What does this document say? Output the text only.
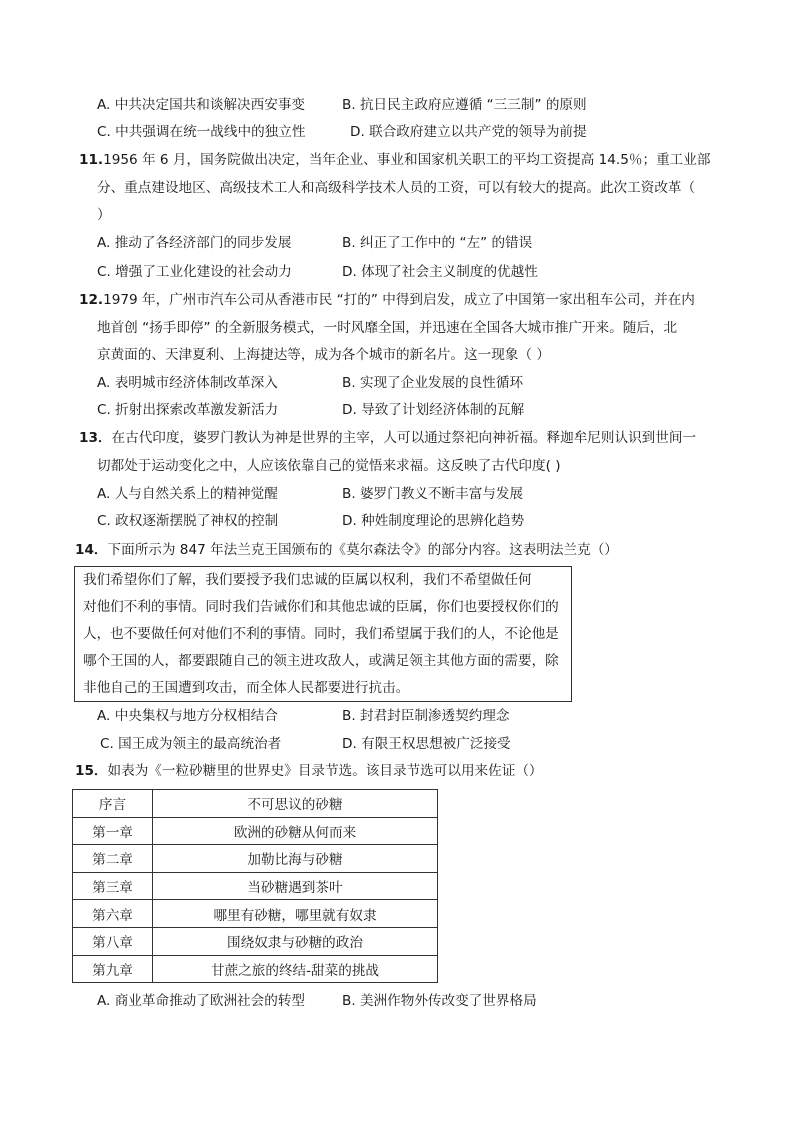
A. 中共决定国共和谈解决西安事变	B. 抗日民主政府应遵循 “三三制” 的原则
C. 中共强调在统一战线中的独立性	D. 联合政府建立以共产党的领导为前提
11.1956 年 6 月，国务院做出决定，当年企业、事业和国家机关职工的平均工资提高 14.5％；重工业部
分、重点建设地区、高级技术工人和高级科学技术人员的工资，可以有较大的提高。此次工资改革（
）
A. 推动了各经济部门的同步发展	B. 纠正了工作中的 “左” 的错误
C. 增强了工业化建设的社会动力	D. 体现了社会主义制度的优越性
12.1979 年，广州市汽车公司从香港市民 “打的” 中得到启发，成立了中国第一家出租车公司，并在内
地首创 “扬手即停” 的全新服务模式，一时风靡全国，并迅速在全国各大城市推广开来。随后，北
京黄面的、天津夏利、上海捷达等，成为各个城市的新名片。这一现象（ ）
A. 表明城市经济体制改革深入	B. 实现了企业发展的良性循环
C. 折射出探索改革激发新活力	D. 导致了计划经济体制的瓦解
13．在古代印度，婆罗门教认为神是世界的主宰，人可以通过祭祀向神祈福。释迦牟尼则认识到世间一
切都处于运动变化之中，人应该依靠自己的觉悟来求福。这反映了古代印度( )
A. 人与自然关系上的精神觉醒	B. 婆罗门教义不断丰富与发展
C. 政权逐渐摆脱了神权的控制	D. 种姓制度理论的思辨化趋势
14．下面所示为 847 年法兰克王国颁布的《莫尔森法令》的部分内容。这表明法兰克（）
我们希望你们了解，我们要授予我们忠诚的臣属以权利，我们不希望做任何
对他们不利的事情。同时我们告诫你们和其他忠诚的臣属，你们也要授权你们的
人，也不要做任何对他们不利的事情。同时，我们希望属于我们的人，不论他是
哪个王国的人，都要跟随自己的领主进攻敌人，或满足领主其他方面的需要，除
非他自己的王国遭到攻击，而全体人民都要进行抗击。
A. 中央集权与地方分权相结合	B. 封君封臣制渗透契约理念
C. 国王成为领主的最高统治者	D. 有限王权思想被广泛接受
15．如表为《一粒砂糖里的世界史》目录节选。该目录节选可以用来佐证（）
序言	不可思议的砂糖
第一章	欧洲的砂糖从何而来
第二章	加勒比海与砂糖
第三章	当砂糖遇到茶叶
第六章	哪里有砂糖，哪里就有奴隶
第八章	围绕奴隶与砂糖的政治
第九章	甘蔗之旅的终结-甜菜的挑战
A. 商业革命推动了欧洲社会的转型	B. 美洲作物外传改变了世界格局
